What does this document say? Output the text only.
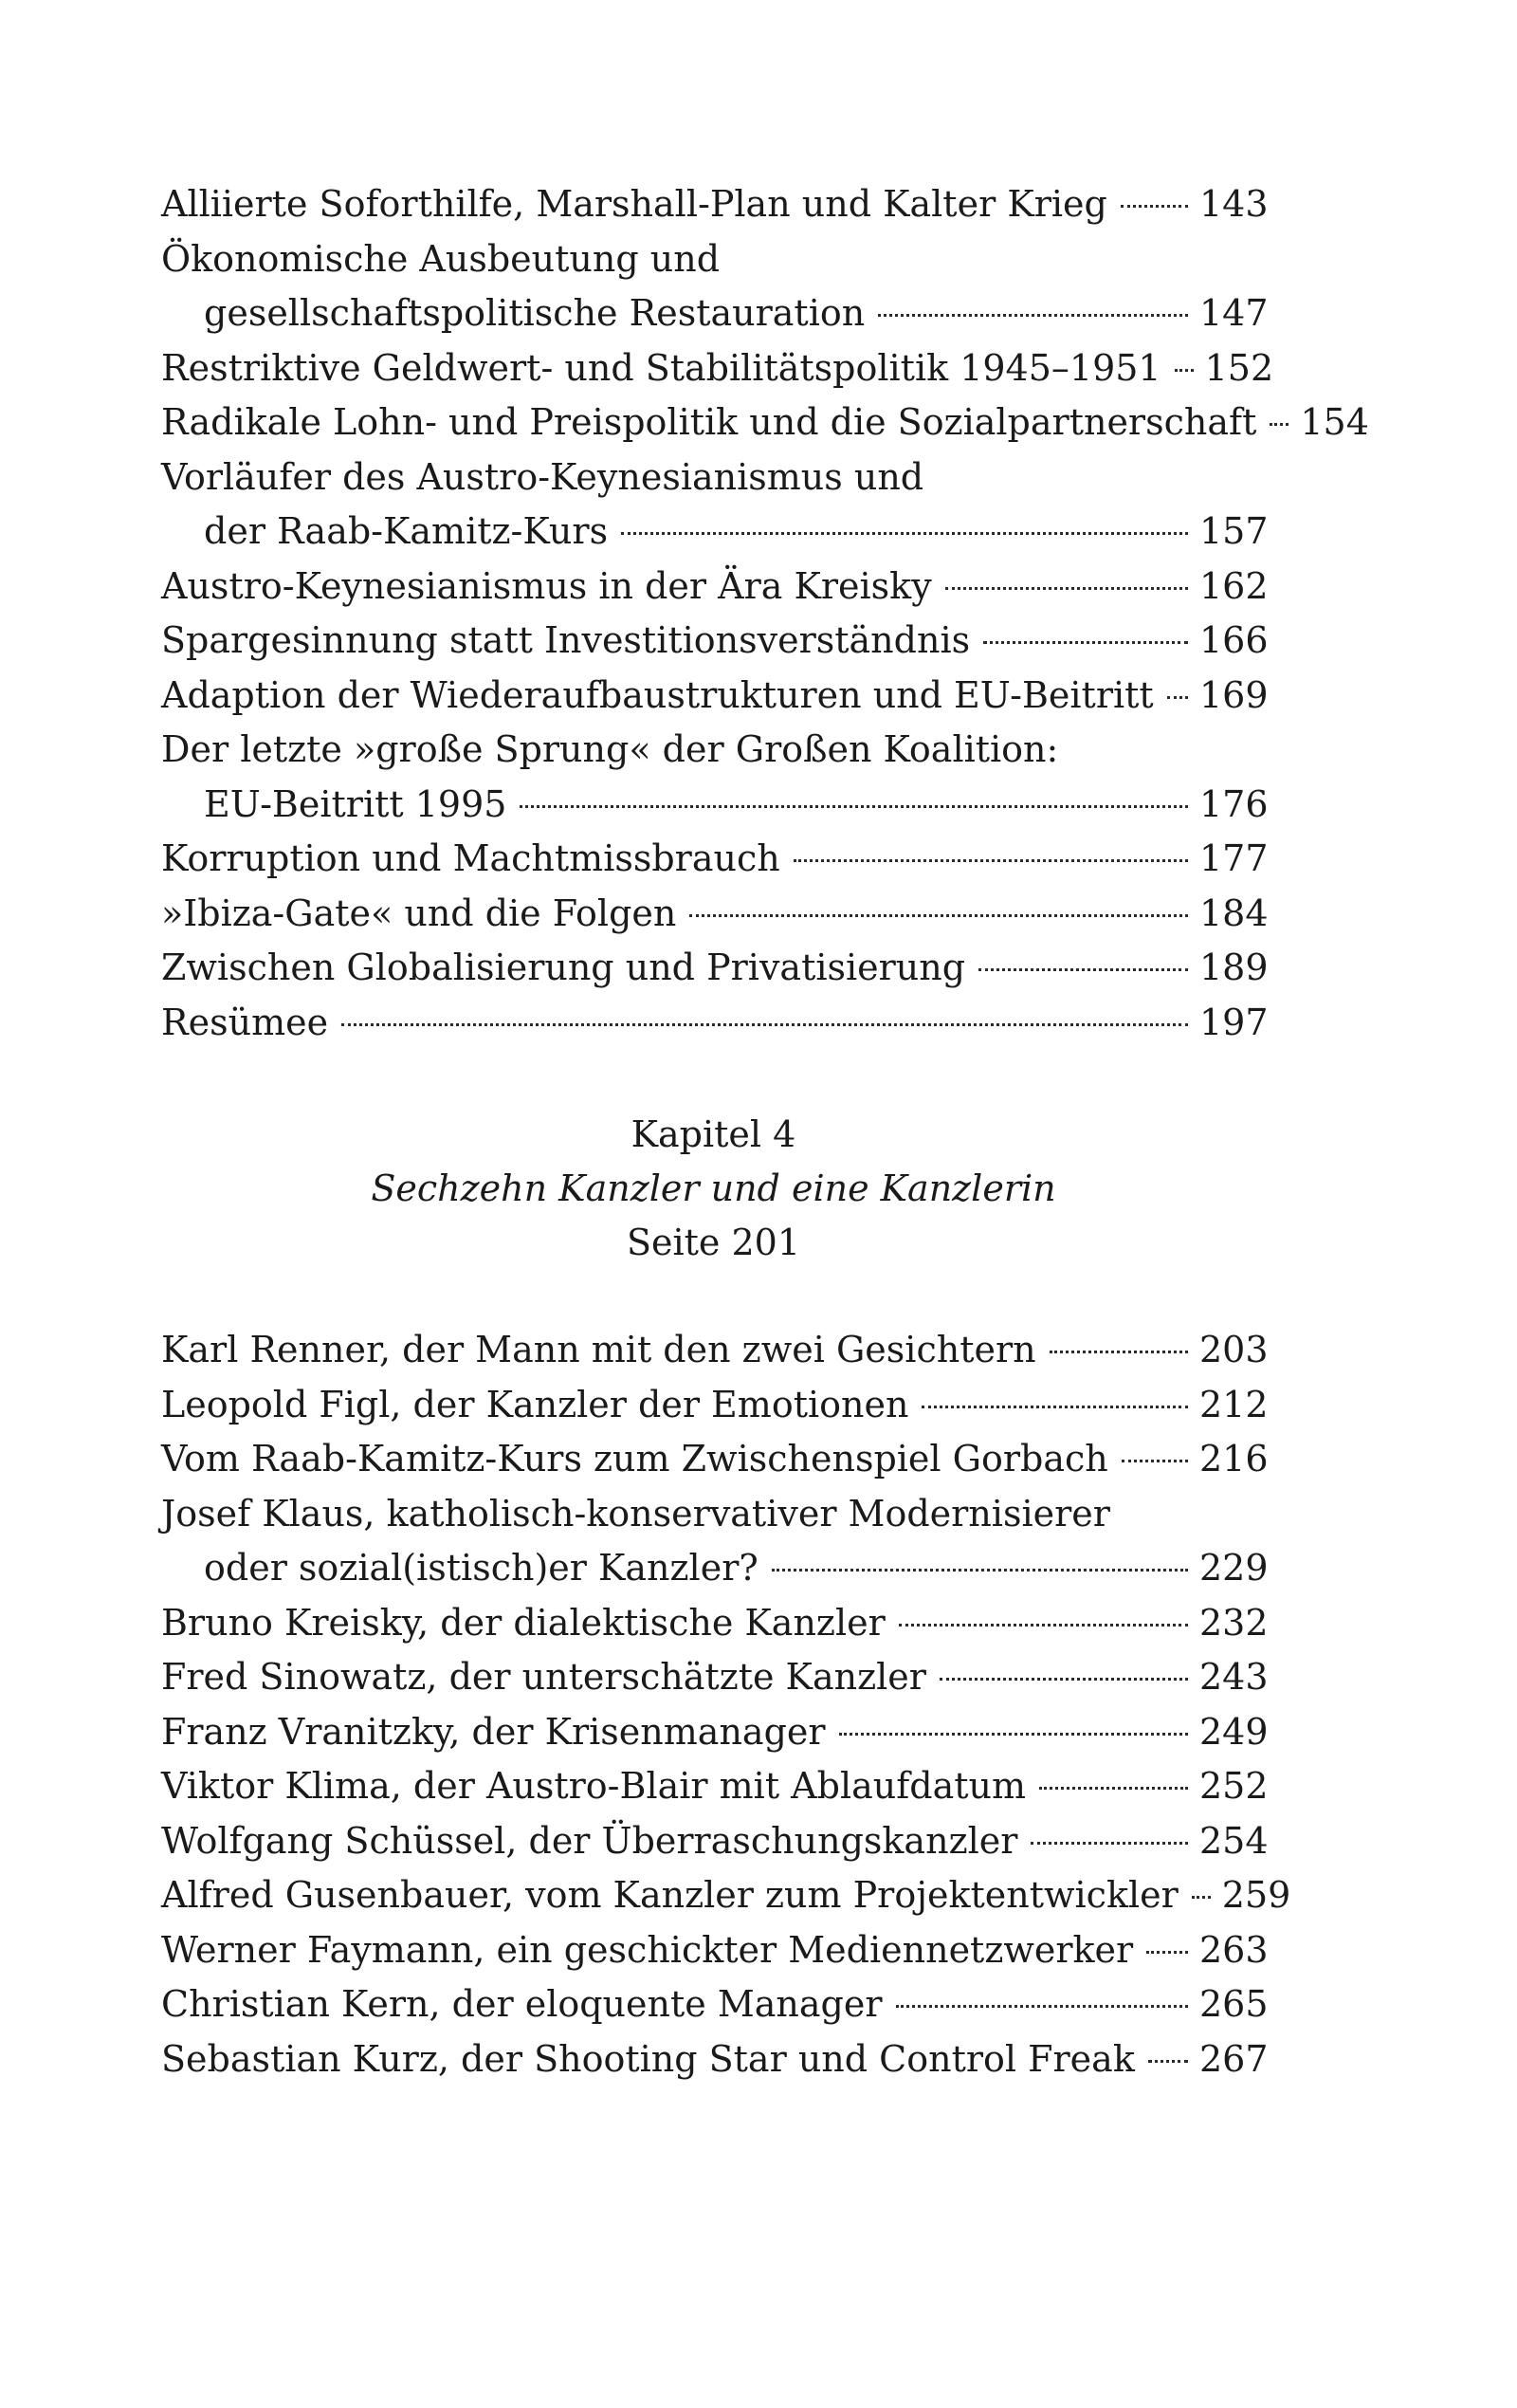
Alliierte Soforthilfe, Marshall-Plan und Kalter Krieg	143
Ökonomische Ausbeutung und
gesellschaftspolitische Restauration	147
Restriktive Geldwert- und Stabilitätspolitik 1945–1951 152
Radikale Lohn- und Preispolitik und die Sozialpartnerschaft 154
Vorläufer des Austro-Keynesianismus und
der Raab-Kamitz-Kurs	157
Austro-Keynesianismus in der Ära Kreisky	162
Spargesinnung statt Investitionsverständnis	166
Adaption der Wiederaufbaustrukturen und EU-Beitritt 169
Der letzte »große Sprung« der Großen Koalition:
EU-Beitritt 1995	176
Korruption und Machtmissbrauch	177
»Ibiza-Gate« und die Folgen	184
Zwischen Globalisierung und Privatisierung	189
Resümee	197
Kapitel 4
Sechzehn Kanzler und eine Kanzlerin
Seite 201
Karl Renner, der Mann mit den zwei Gesichtern	203
Leopold Figl, der Kanzler der Emotionen	212
Vom Raab-Kamitz-Kurs zum Zwischenspiel Gorbach	216
Josef Klaus, katholisch-konservativer Modernisierer
oder sozial(istisch)er Kanzler?	229
Bruno Kreisky, der dialektische Kanzler	232
Fred Sinowatz, der unterschätzte Kanzler	243
Franz Vranitzky, der Krisenmanager	249
Viktor Klima, der Austro-Blair mit Ablaufdatum	252
Wolfgang Schüssel, der Überraschungskanzler	254
Alfred Gusenbauer, vom Kanzler zum Projektentwickler 259
Werner Faymann, ein geschickter Mediennetzwerker 263
Christian Kern, der eloquente Manager	265
Sebastian Kurz, der Shooting Star und Control Freak 267
